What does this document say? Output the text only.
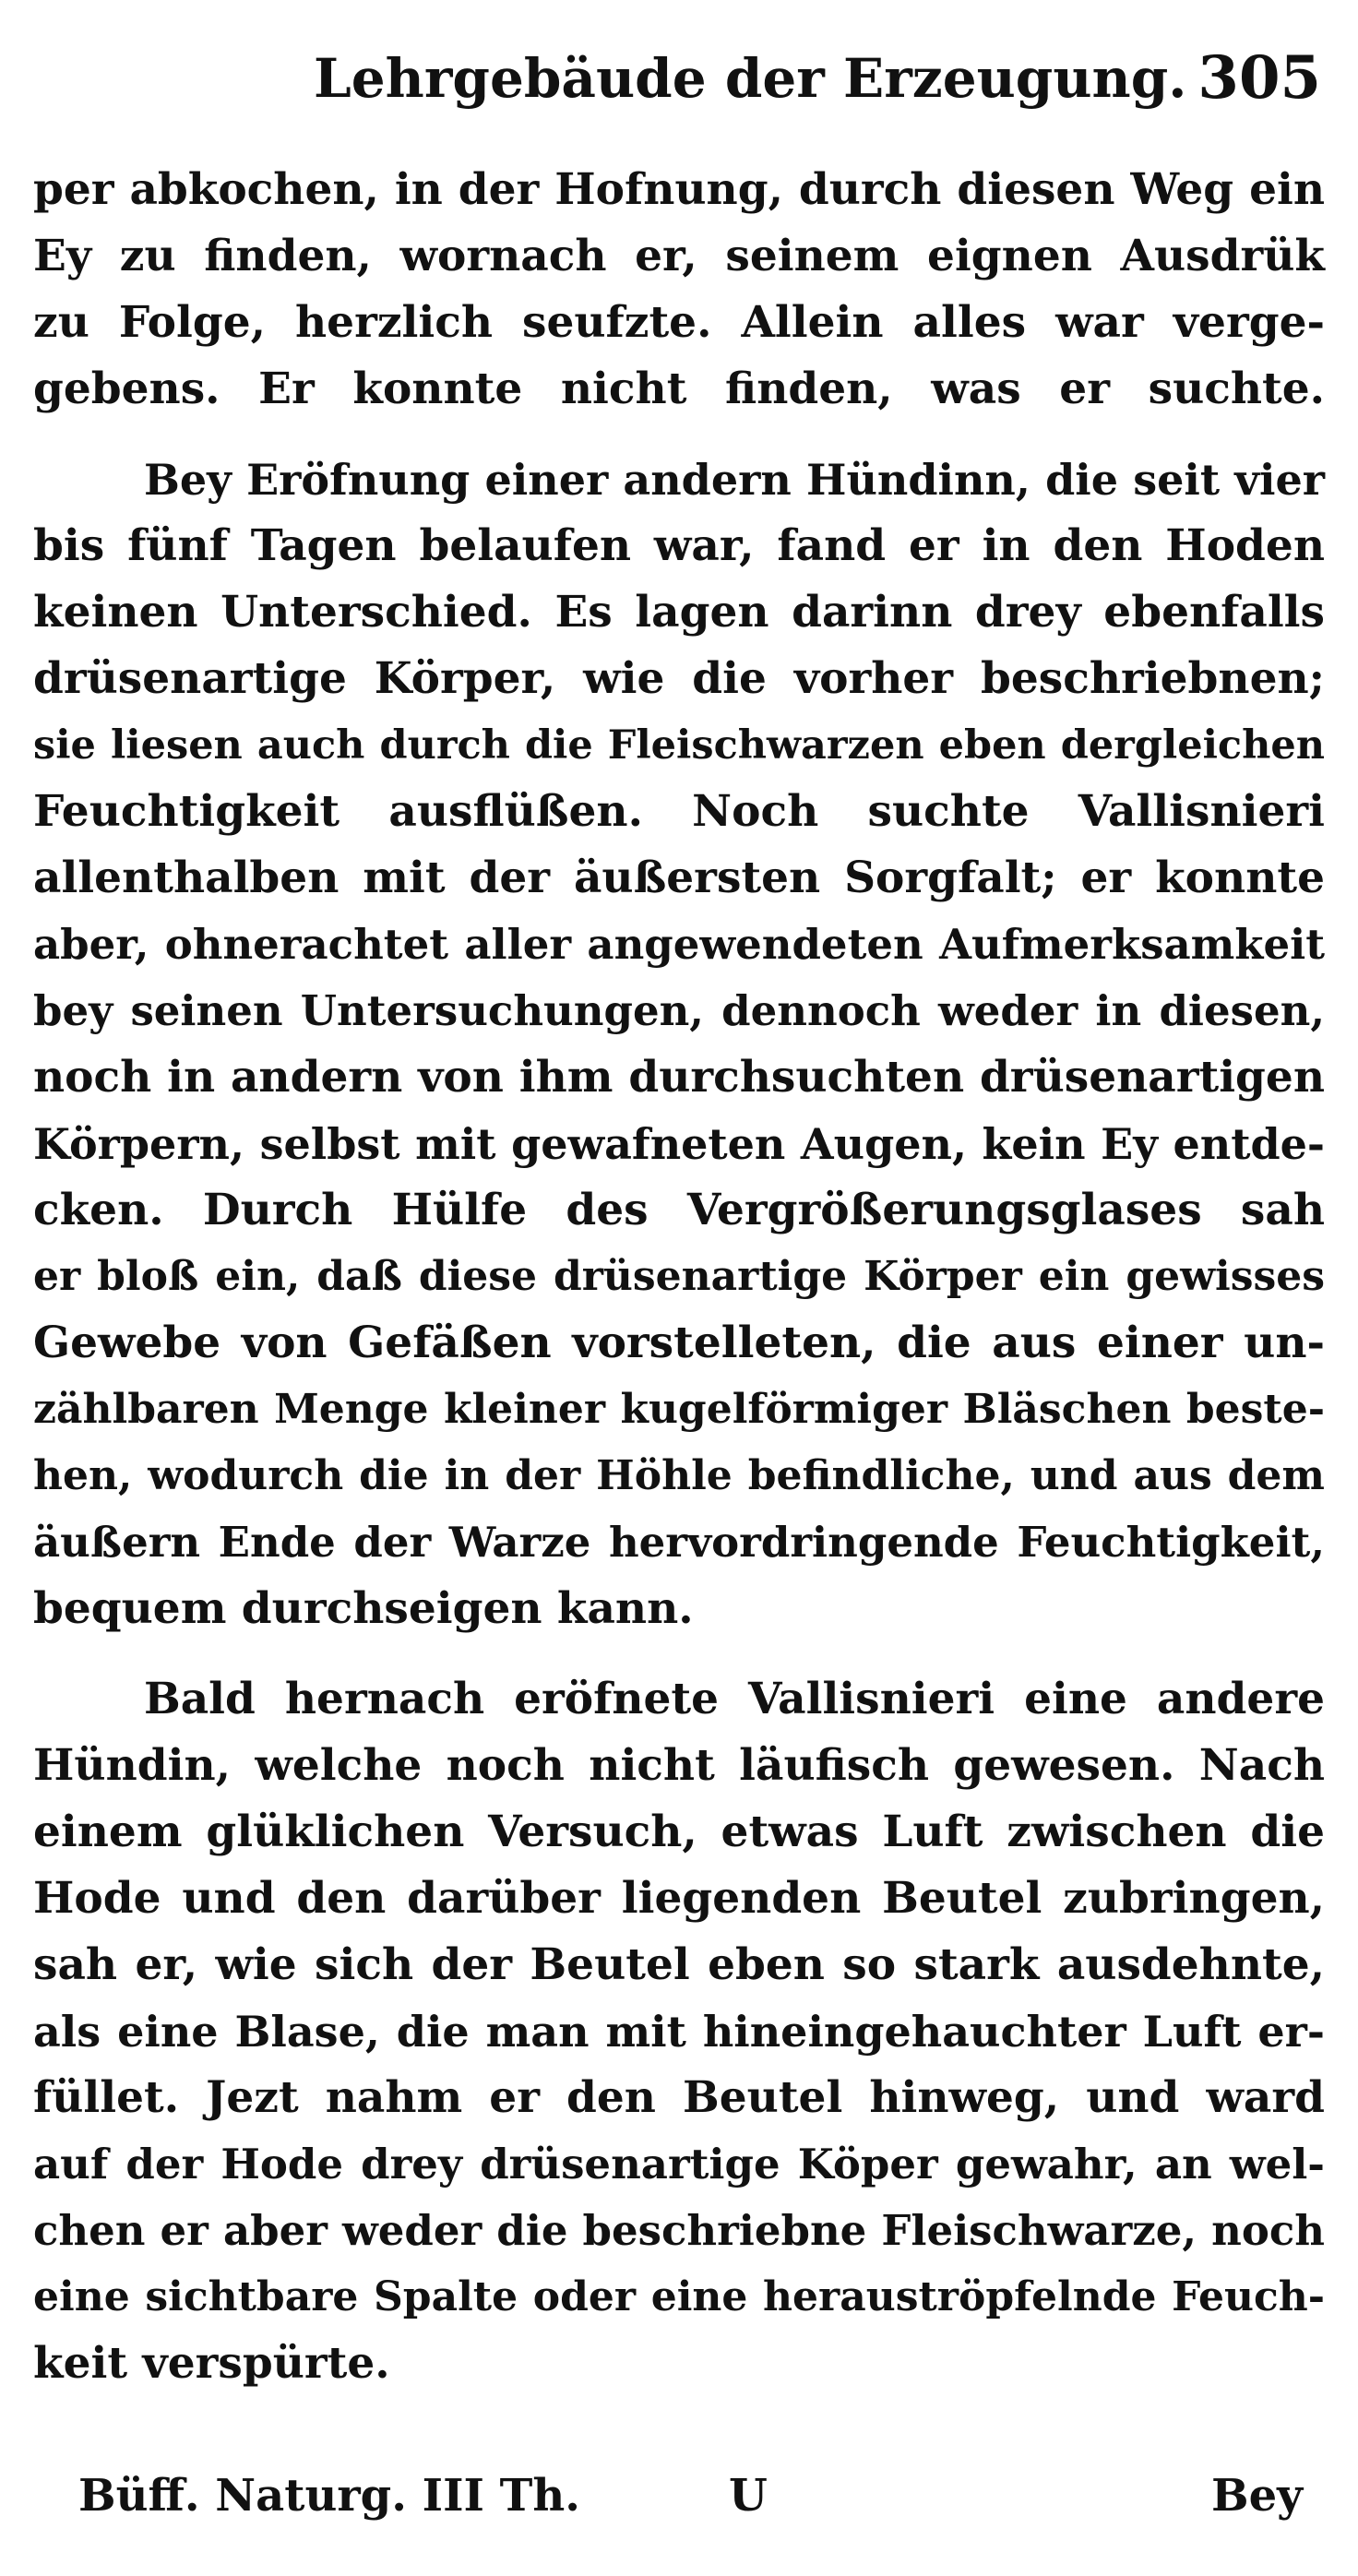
Lehrgebäude der Erzeugung. 305
per abkochen, in der Hofnung, durch diesen Weg ein
Ey zu finden, wornach er, seinem eignen Ausdrük
zu Folge, herzlich seufzte. Allein alles war verge-
gebens. Er konnte nicht finden, was er suchte.
Bey Eröfnung einer andern Hündinn, die seit vier
bis fünf Tagen belaufen war, fand er in den Hoden
keinen Unterschied. Es lagen darinn drey ebenfalls
drüsenartige Körper, wie die vorher beschriebnen;
sie liesen auch durch die Fleischwarzen eben dergleichen
Feuchtigkeit ausflüßen. Noch suchte Vallisnieri
allenthalben mit der äußersten Sorgfalt; er konnte
aber, ohnerachtet aller angewendeten Aufmerksamkeit
bey seinen Untersuchungen, dennoch weder in diesen,
noch in andern von ihm durchsuchten drüsenartigen
Körpern, selbst mit gewafneten Augen, kein Ey entde-
cken. Durch Hülfe des Vergrößerungsglases sah
er bloß ein, daß diese drüsenartige Körper ein gewisses
Gewebe von Gefäßen vorstelleten, die aus einer un-
zählbaren Menge kleiner kugelförmiger Bläschen beste-
hen, wodurch die in der Höhle befindliche, und aus dem
äußern Ende der Warze hervordringende Feuchtigkeit,
bequem durchseigen kann.
Bald hernach eröfnete Vallisnieri eine andere
Hündin, welche noch nicht läufisch gewesen. Nach
einem glüklichen Versuch, etwas Luft zwischen die
Hode und den darüber liegenden Beutel zubringen,
sah er, wie sich der Beutel eben so stark ausdehnte,
als eine Blase, die man mit hineingehauchter Luft er-
füllet. Jezt nahm er den Beutel hinweg, und ward
auf der Hode drey drüsenartige Köper gewahr, an wel-
chen er aber weder die beschriebne Fleischwarze, noch
eine sichtbare Spalte oder eine herauströpfelnde Feuch-
keit verspürte.
Büff. Naturg. III Th.	U	Bey
